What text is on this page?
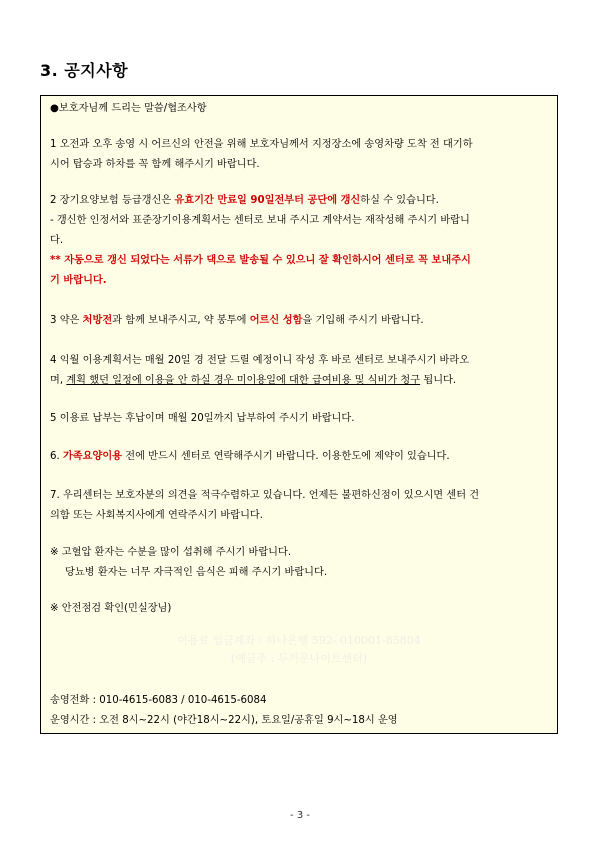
3. 공지사항
●보호자님께 드리는 말씀/협조사항
1 오전과 오후 송영 시 어르신의 안전을 위해 보호자님께서 지정장소에 송영차량 도착 전 대기하
시어 탑승과 하차를 꼭 함께 해주시기 바랍니다.
2 장기요양보험 등급갱신은 유효기간 만료일 90일전부터 공단에 갱신하실 수 있습니다.
- 갱신한 인정서와 표준장기이용계획서는 센터로 보내 주시고 계약서는 재작성해 주시기 바랍니
다.
** 자동으로 갱신 되었다는 서류가 댁으로 발송될 수 있으니 잘 확인하시어 센터로 꼭 보내주시
기 바랍니다.
3 약은 처방전과 함께 보내주시고, 약 봉투에 어르신 성함을 기입해 주시기 바랍니다.
4 익월 이용계획서는 매월 20일 경 전달 드릴 예정이니 작성 후 바로 센터로 보내주시기 바라오
며, 계획 했던 일정에 이용을 안 하실 경우 미이용일에 대한 급여비용 및 식비가 청구 됩니다.
5 이용료 납부는 후납이며 매월 20일까지 납부하여 주시기 바랍니다.
6. 가족요양이용 전에 반드시 센터로 연락해주시기 바랍니다. 이용한도에 제약이 있습니다.
7. 우리센터는 보호자분의 의견을 적극수렴하고 있습니다. 언제든 불편하신점이 있으시면 센터 건
의함 또는 사회복지사에게 연락주시기 바랍니다.
※ 고혈압 환자는 수분을 많이 섭취해 주시기 바랍니다.
당뇨병 환자는 너무 자극적인 음식은 피해 주시기 바랍니다.
※ 안전점검 확인(민실장님)
이용료 입금계좌 : 하나은행 592- 010001-85804
(예금주 : 두꺼운나이트센터)
송영전화 : 010-4615-6083 / 010-4615-6084
운영시간 : 오전 8시~22시 (야간18시~22시), 토요일/공휴일 9시~18시 운영
- 3 -
